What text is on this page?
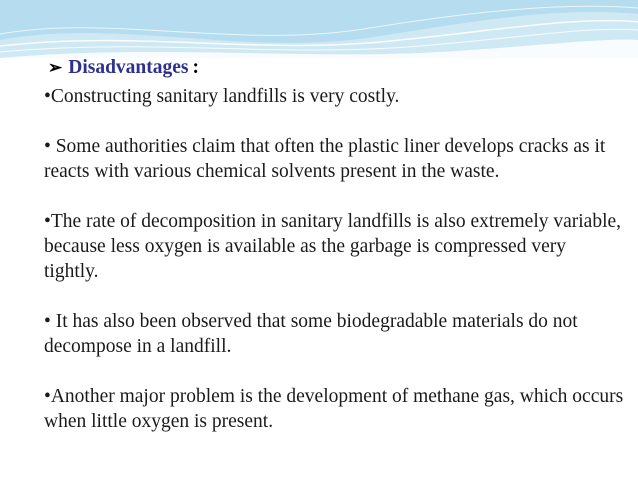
➢ Disadvantages :

•Constructing sanitary landfills is very costly.

• Some authorities claim that often the plastic liner develops cracks as it reacts with various chemical solvents present in the waste.

•The rate of decomposition in sanitary landfills is also extremely variable, because less oxygen is available as the garbage is compressed very tightly.

• It has also been observed that some biodegradable materials do not decompose in a landfill.

•Another major problem is the development of methane gas, which occurs when little oxygen is present.
